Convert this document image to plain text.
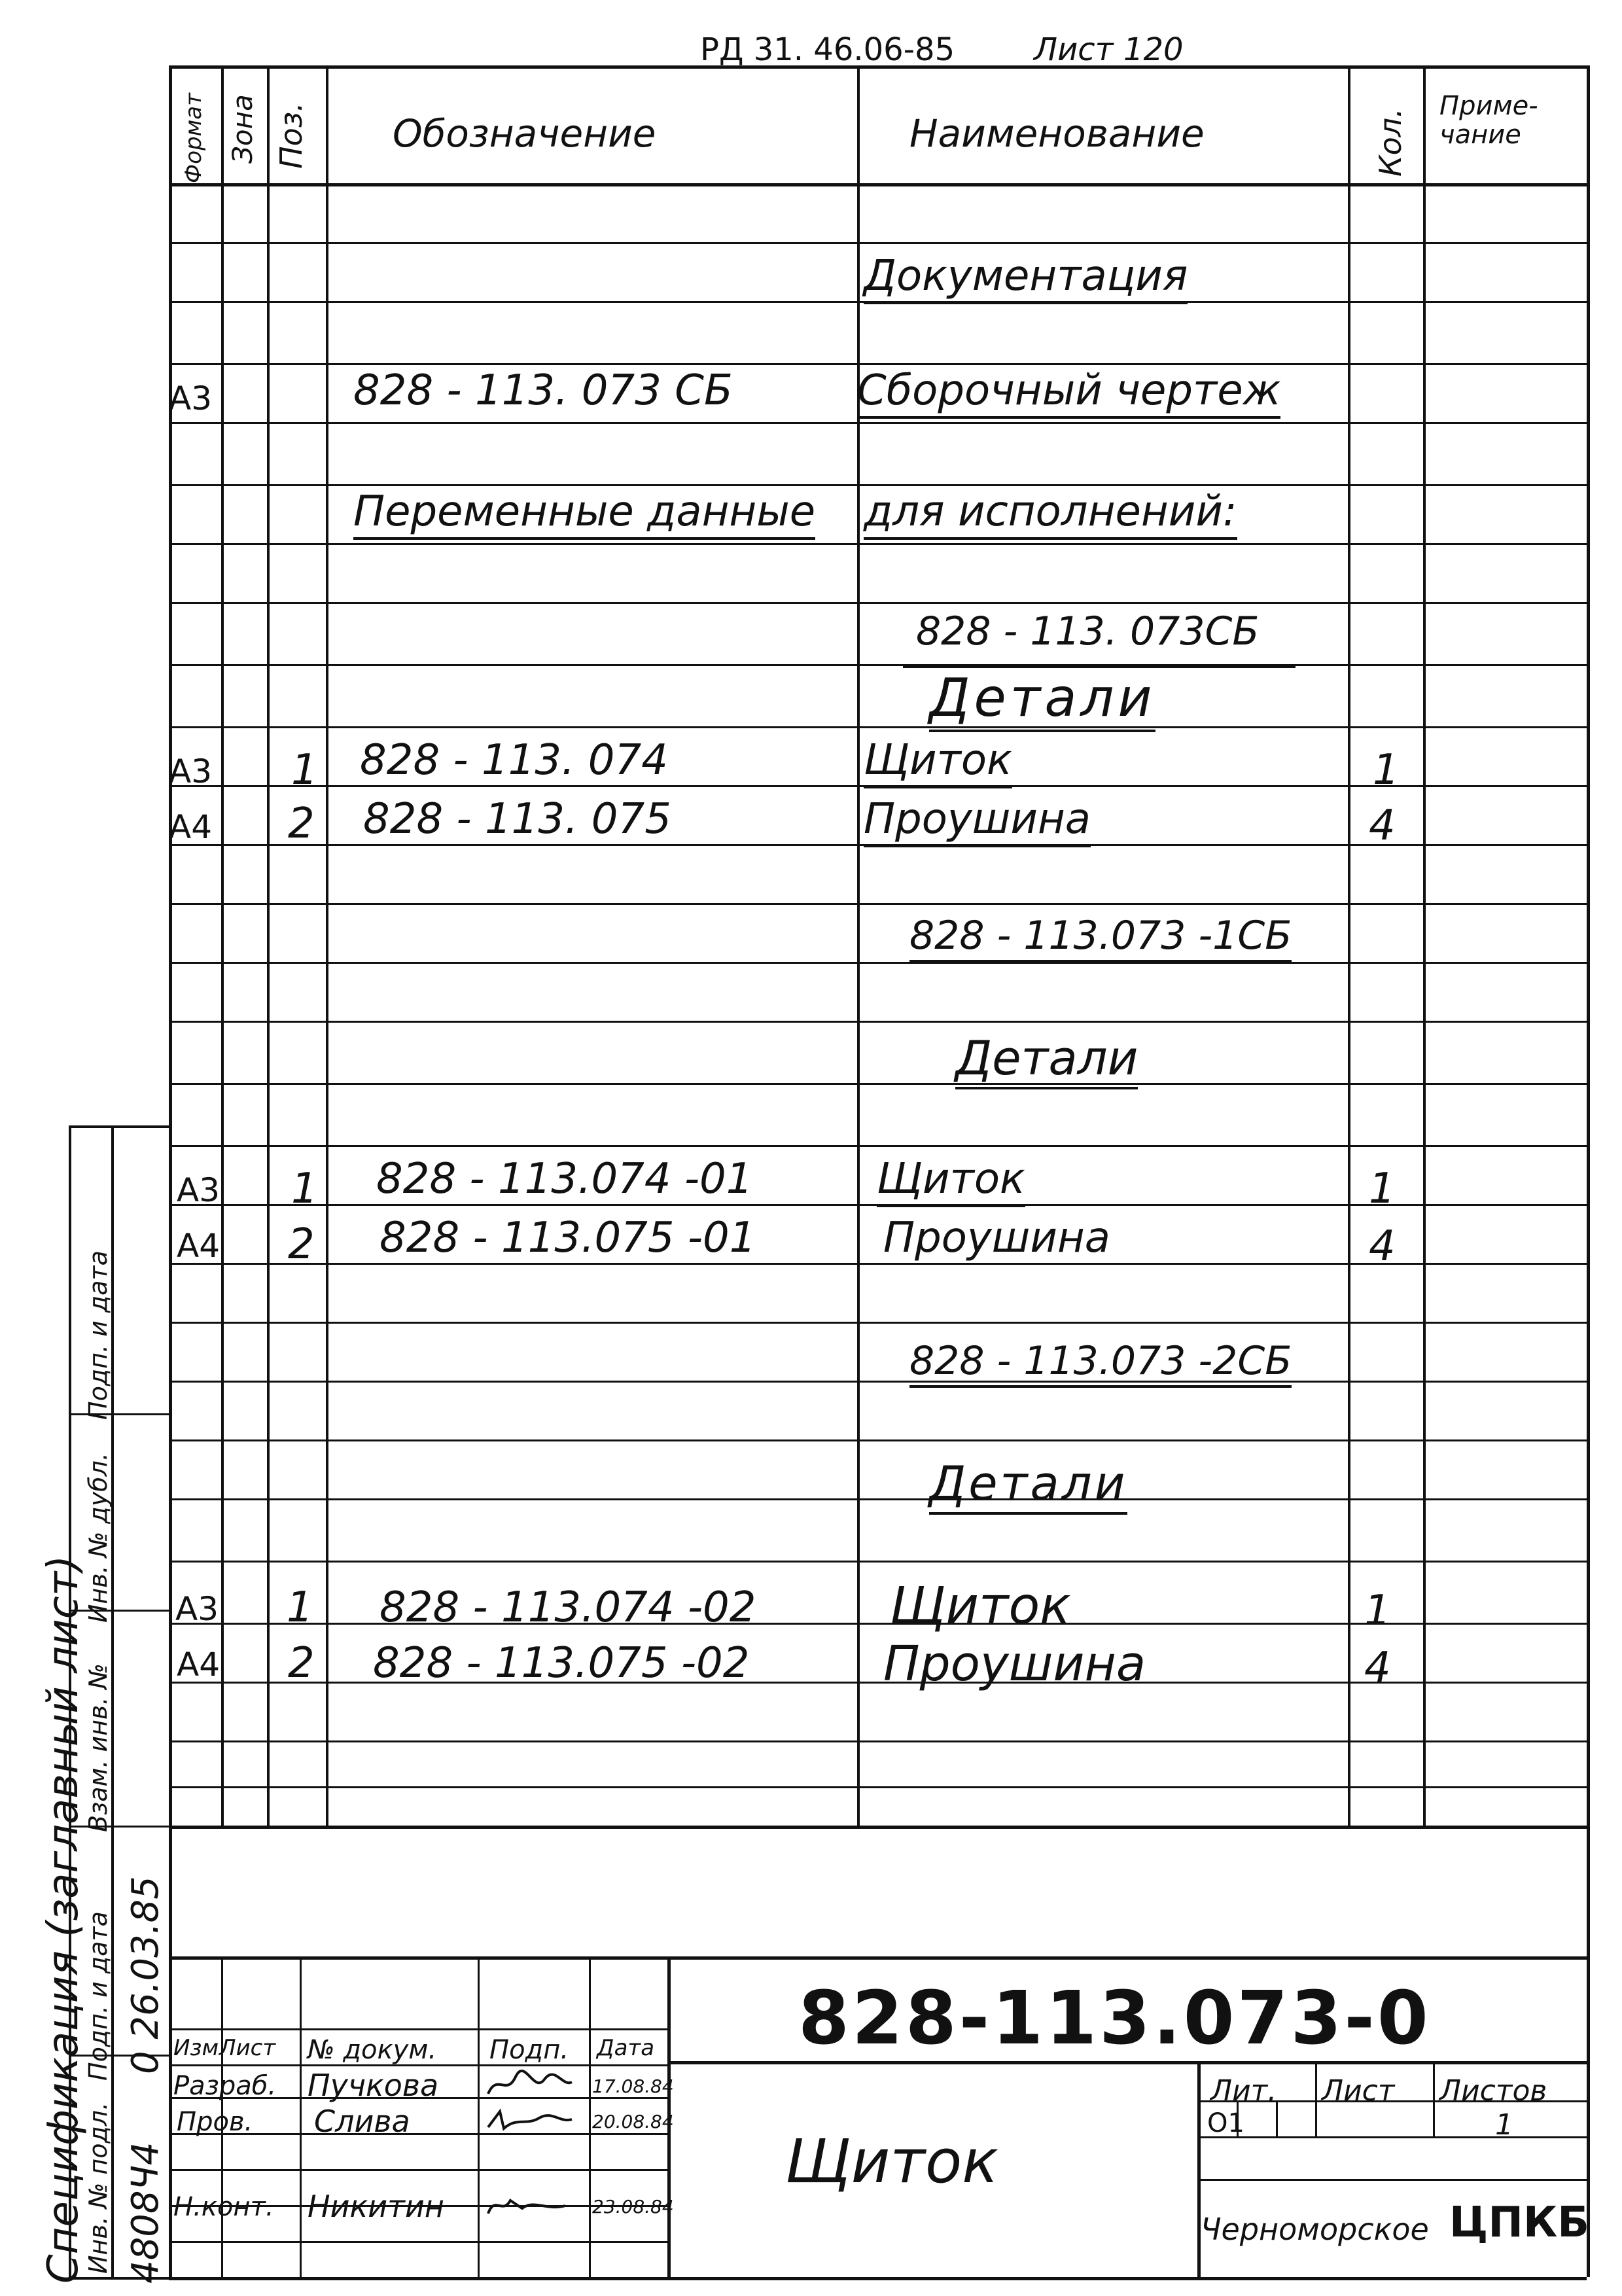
РД 31. 46.06-85	Лист 120
Формат Зона Поз. Обозначение	Наименование	Кол.
Приме-
чание
Документация
А3	828 - 113. 073 СБ	Сборочный чертеж
Переменные данные для исполнений:
828 - 113. 073СБ
Детали
А3 1 828 - 113. 074	Щиток	1
А4 2 828 - 113. 075	Проушина	4
828 - 113.073 -1СБ
Детали
А3 1 828 - 113.074 -01	Щиток	1
А4 2 828 - 113.075 -01	Проушина	4
828 - 113.073 -2СБ
Детали
А3 1 828 - 113.074 -02	Щиток	1
А4 2 828 - 113.075 -02	Проушина	4
Спецификация (заглавный лист)
Инв. № подл.
Подп. и дата
Взам. инв. №
Инв. № дубл.
Подп. и дата
4808Ч4
0 26.03.85	828-113.073-0
Щиток
Изм Лист № докум. Подп. Дата
Разраб. Пучкова	17.08.84
Пров. Слива	20.08.84
Н.конт. Никитин	23.08.84
Лит. Лист Листов
О1	1
Черноморское ЦПКБ
